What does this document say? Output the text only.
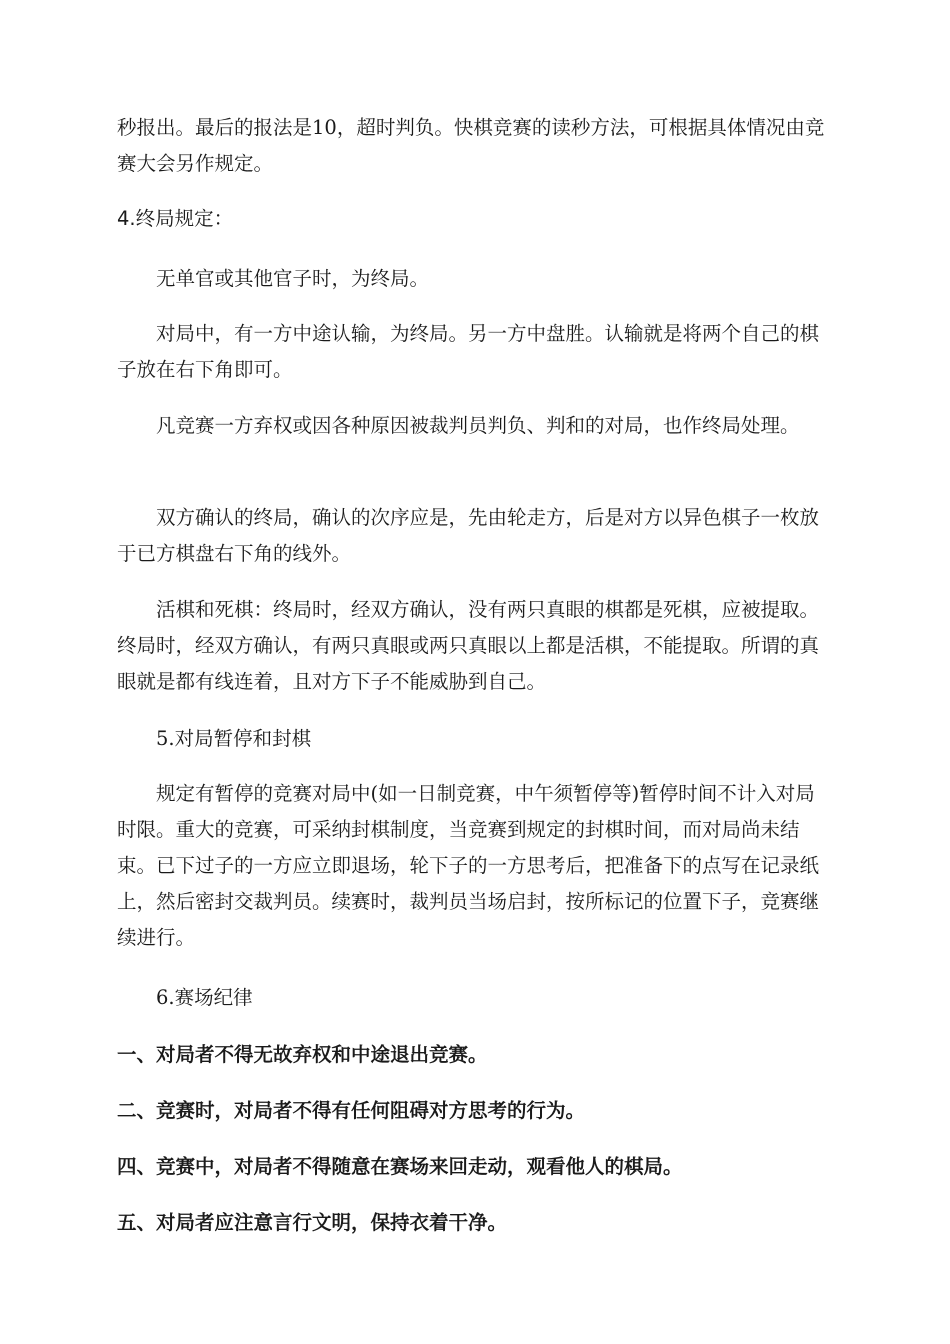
秒报出。最后的报法是10，超时判负。快棋竞赛的读秒方法，可根据具体情况由竞赛大会另作规定。

4.终局规定：

无单官或其他官子时，为终局。

对局中，有一方中途认输，为终局。另一方中盘胜。认输就是将两个自己的棋子放在右下角即可。

凡竞赛一方弃权或因各种原因被裁判员判负、判和的对局，也作终局处理。

双方确认的终局，确认的次序应是，先由轮走方，后是对方以异色棋子一枚放于已方棋盘右下角的线外。

活棋和死棋：终局时，经双方确认，没有两只真眼的棋都是死棋，应被提取。终局时，经双方确认，有两只真眼或两只真眼以上都是活棋，不能提取。所谓的真眼就是都有线连着，且对方下子不能威胁到自己。

5.对局暂停和封棋

规定有暂停的竞赛对局中(如一日制竞赛，中午须暂停等)暂停时间不计入对局时限。重大的竞赛，可采纳封棋制度，当竞赛到规定的封棋时间，而对局尚未结束。已下过子的一方应立即退场，轮下子的一方思考后，把准备下的点写在记录纸上，然后密封交裁判员。续赛时，裁判员当场启封，按所标记的位置下子，竞赛继续进行。

6.赛场纪律

一、对局者不得无故弃权和中途退出竞赛。

二、竞赛时，对局者不得有任何阻碍对方思考的行为。

四、竞赛中，对局者不得随意在赛场来回走动，观看他人的棋局。

五、对局者应注意言行文明，保持衣着干净。
